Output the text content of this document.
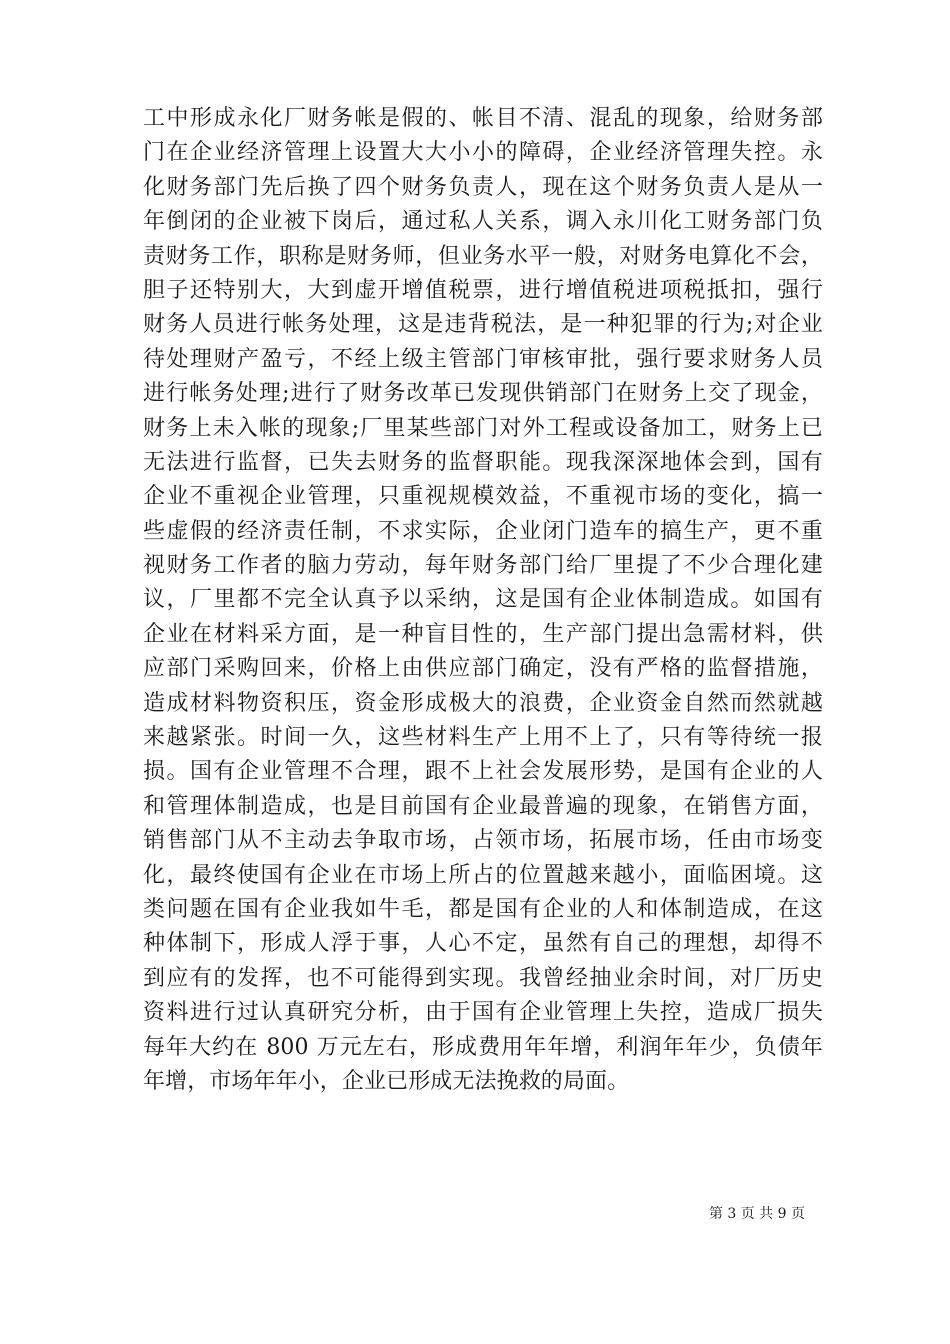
工中形成永化厂财务帐是假的、帐目不清、混乱的现象，给财务部
门在企业经济管理上设置大大小小的障碍，企业经济管理失控。永
化财务部门先后换了四个财务负责人，现在这个财务负责人是从一
年倒闭的企业被下岗后，通过私人关系，调入永川化工财务部门负
责财务工作，职称是财务师，但业务水平一般，对财务电算化不会，
胆子还特别大，大到虚开增值税票，进行增值税进项税抵扣，强行
财务人员进行帐务处理，这是违背税法，是一种犯罪的行为;对企业
待处理财产盈亏，不经上级主管部门审核审批，强行要求财务人员
进行帐务处理;进行了财务改革已发现供销部门在财务上交了现金，
财务上未入帐的现象;厂里某些部门对外工程或设备加工，财务上已
无法进行监督，已失去财务的监督职能。现我深深地体会到，国有
企业不重视企业管理，只重视规模效益，不重视市场的变化，搞一
些虚假的经济责任制，不求实际，企业闭门造车的搞生产，更不重
视财务工作者的脑力劳动，每年财务部门给厂里提了不少合理化建
议，厂里都不完全认真予以采纳，这是国有企业体制造成。如国有
企业在材料采方面，是一种盲目性的，生产部门提出急需材料，供
应部门采购回来，价格上由供应部门确定，没有严格的监督措施，
造成材料物资积压，资金形成极大的浪费，企业资金自然而然就越
来越紧张。时间一久，这些材料生产上用不上了，只有等待统一报
损。国有企业管理不合理，跟不上社会发展形势，是国有企业的人
和管理体制造成，也是目前国有企业最普遍的现象，在销售方面，
销售部门从不主动去争取市场，占领市场，拓展市场，任由市场变
化，最终使国有企业在市场上所占的位置越来越小，面临困境。这
类问题在国有企业我如牛毛，都是国有企业的人和体制造成，在这
种体制下，形成人浮于事，人心不定，虽然有自己的理想，却得不
到应有的发挥，也不可能得到实现。我曾经抽业余时间，对厂历史
资料进行过认真研究分析，由于国有企业管理上失控，造成厂损失
每年大约在 800 万元左右，形成费用年年增，利润年年少，负债年
年增，市场年年小，企业已形成无法挽救的局面。
第 3 页 共 9 页
